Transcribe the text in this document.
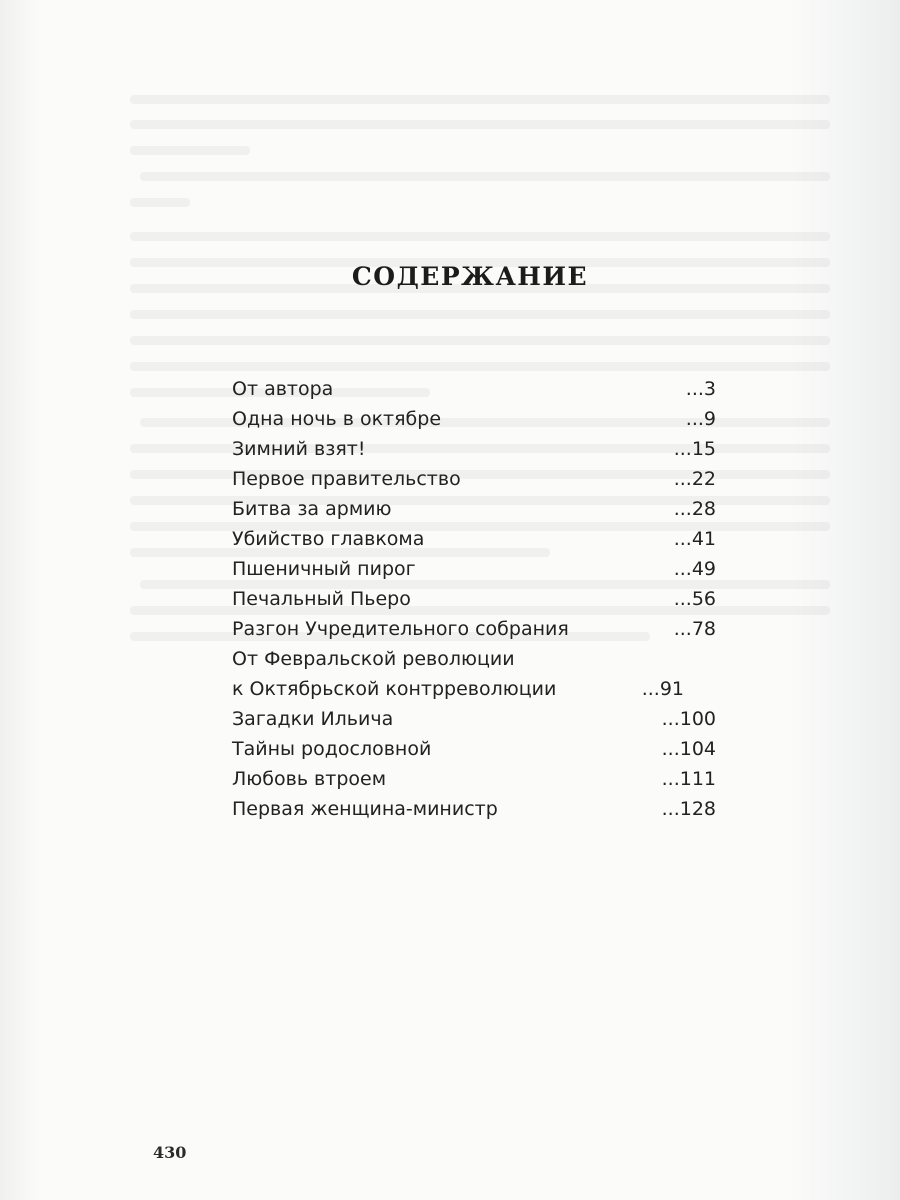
СОДЕРЖАНИЕ
От автора	...3
Одна ночь в октябре	...9
Зимний взят!	...15
Первое правительство	...22
Битва за армию	...28
Убийство главкома	...41
Пшеничный пирог	...49
Печальный Пьеро	...56
Разгон Учредительного собрания	...78
От Февральской революции
к Октябрьской контрреволюции	...91
Загадки Ильича	...100
Тайны родословной	...104
Любовь втроем	...111
Первая женщина-министр	...128
430
